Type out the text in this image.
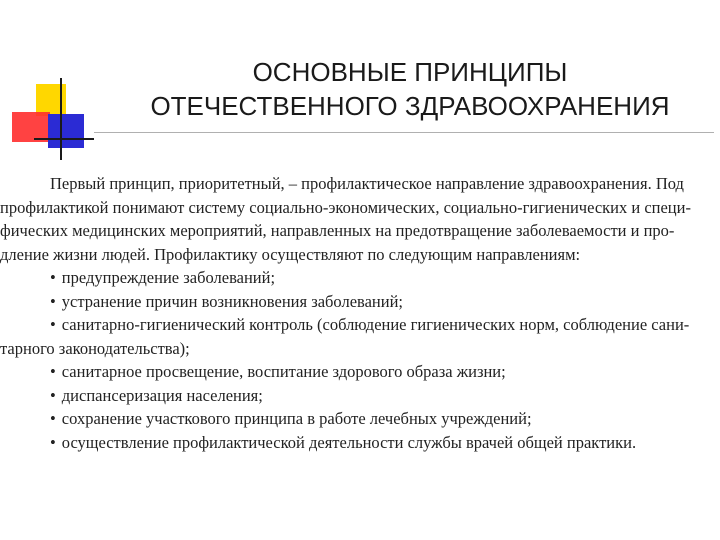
ОСНОВНЫЕ ПРИНЦИПЫ
ОТЕЧЕСТВЕННОГО ЗДРАВООХРАНЕНИЯ
Первый принцип, приоритетный, – профилактическое направление здравоохранения. Под
профилактикой понимают систему социально-экономических, социально-гигиенических и специ-
фических медицинских мероприятий, направленных на предотвращение заболеваемости и про-
дление жизни людей. Профилактику осуществляют по следующим направлениям:
• предупреждение заболеваний;
• устранение причин возникновения заболеваний;
• санитарно-гигиенический контроль (соблюдение гигиенических норм, соблюдение сани-
тарного законодательства);
• санитарное просвещение, воспитание здорового образа жизни;
• диспансеризация населения;
• сохранение участкового принципа в работе лечебных учреждений;
• осуществление профилактической деятельности службы врачей общей практики.
